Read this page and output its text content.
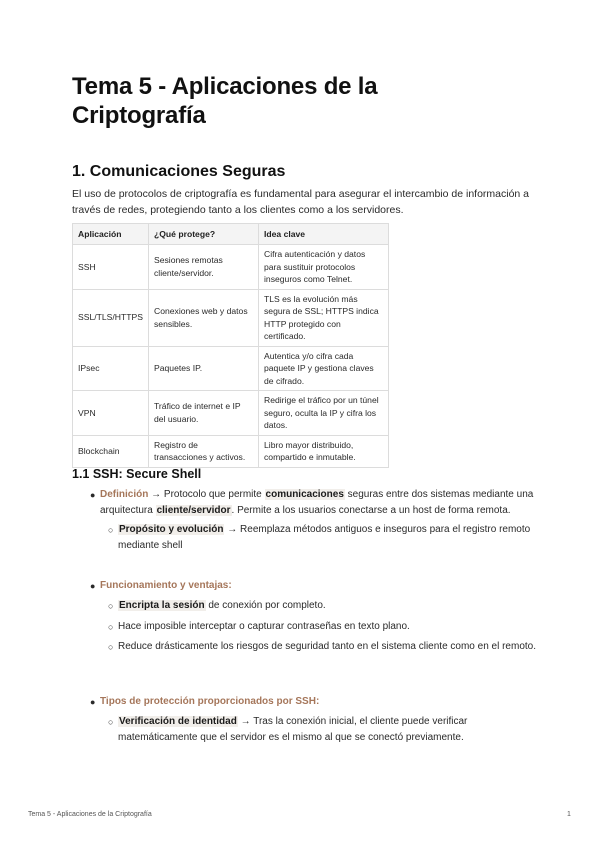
Tema 5 - Aplicaciones de la Criptografía
1. Comunicaciones Seguras
El uso de protocolos de criptografía es fundamental para asegurar el intercambio de información a través de redes, protegiendo tanto a los clientes como a los servidores.
Aplicación	¿Qué protege?	Idea clave
SSH	Sesiones remotas cliente/servidor.	Cifra autenticación y datos para sustituir protocolos inseguros como Telnet.
SSL/TLS/HTTPS	Conexiones web y datos sensibles.	TLS es la evolución más segura de SSL; HTTPS indica HTTP protegido con certificado.
IPsec	Paquetes IP.	Autentica y/o cifra cada paquete IP y gestiona claves de cifrado.
VPN	Tráfico de internet e IP del usuario.	Redirige el tráfico por un túnel seguro, oculta la IP y cifra los datos.
Blockchain	Registro de transacciones y activos.	Libro mayor distribuido, compartido e inmutable.
1.1 SSH: Secure Shell
● Definición → Protocolo que permite comunicaciones seguras entre dos sistemas mediante una arquitectura cliente/servidor. Permite a los usuarios conectarse a un host de forma remota.
○ Propósito y evolución → Reemplaza métodos antiguos e inseguros para el registro remoto mediante shell
● Funcionamiento y ventajas:
○ Encripta la sesión de conexión por completo.
○ Hace imposible interceptar o capturar contraseñas en texto plano.
○ Reduce drásticamente los riesgos de seguridad tanto en el sistema cliente como en el remoto.
● Tipos de protección proporcionados por SSH:
○ Verificación de identidad → Tras la conexión inicial, el cliente puede verificar matemáticamente que el servidor es el mismo al que se conectó previamente.
Tema 5 - Aplicaciones de la Criptografía	1
